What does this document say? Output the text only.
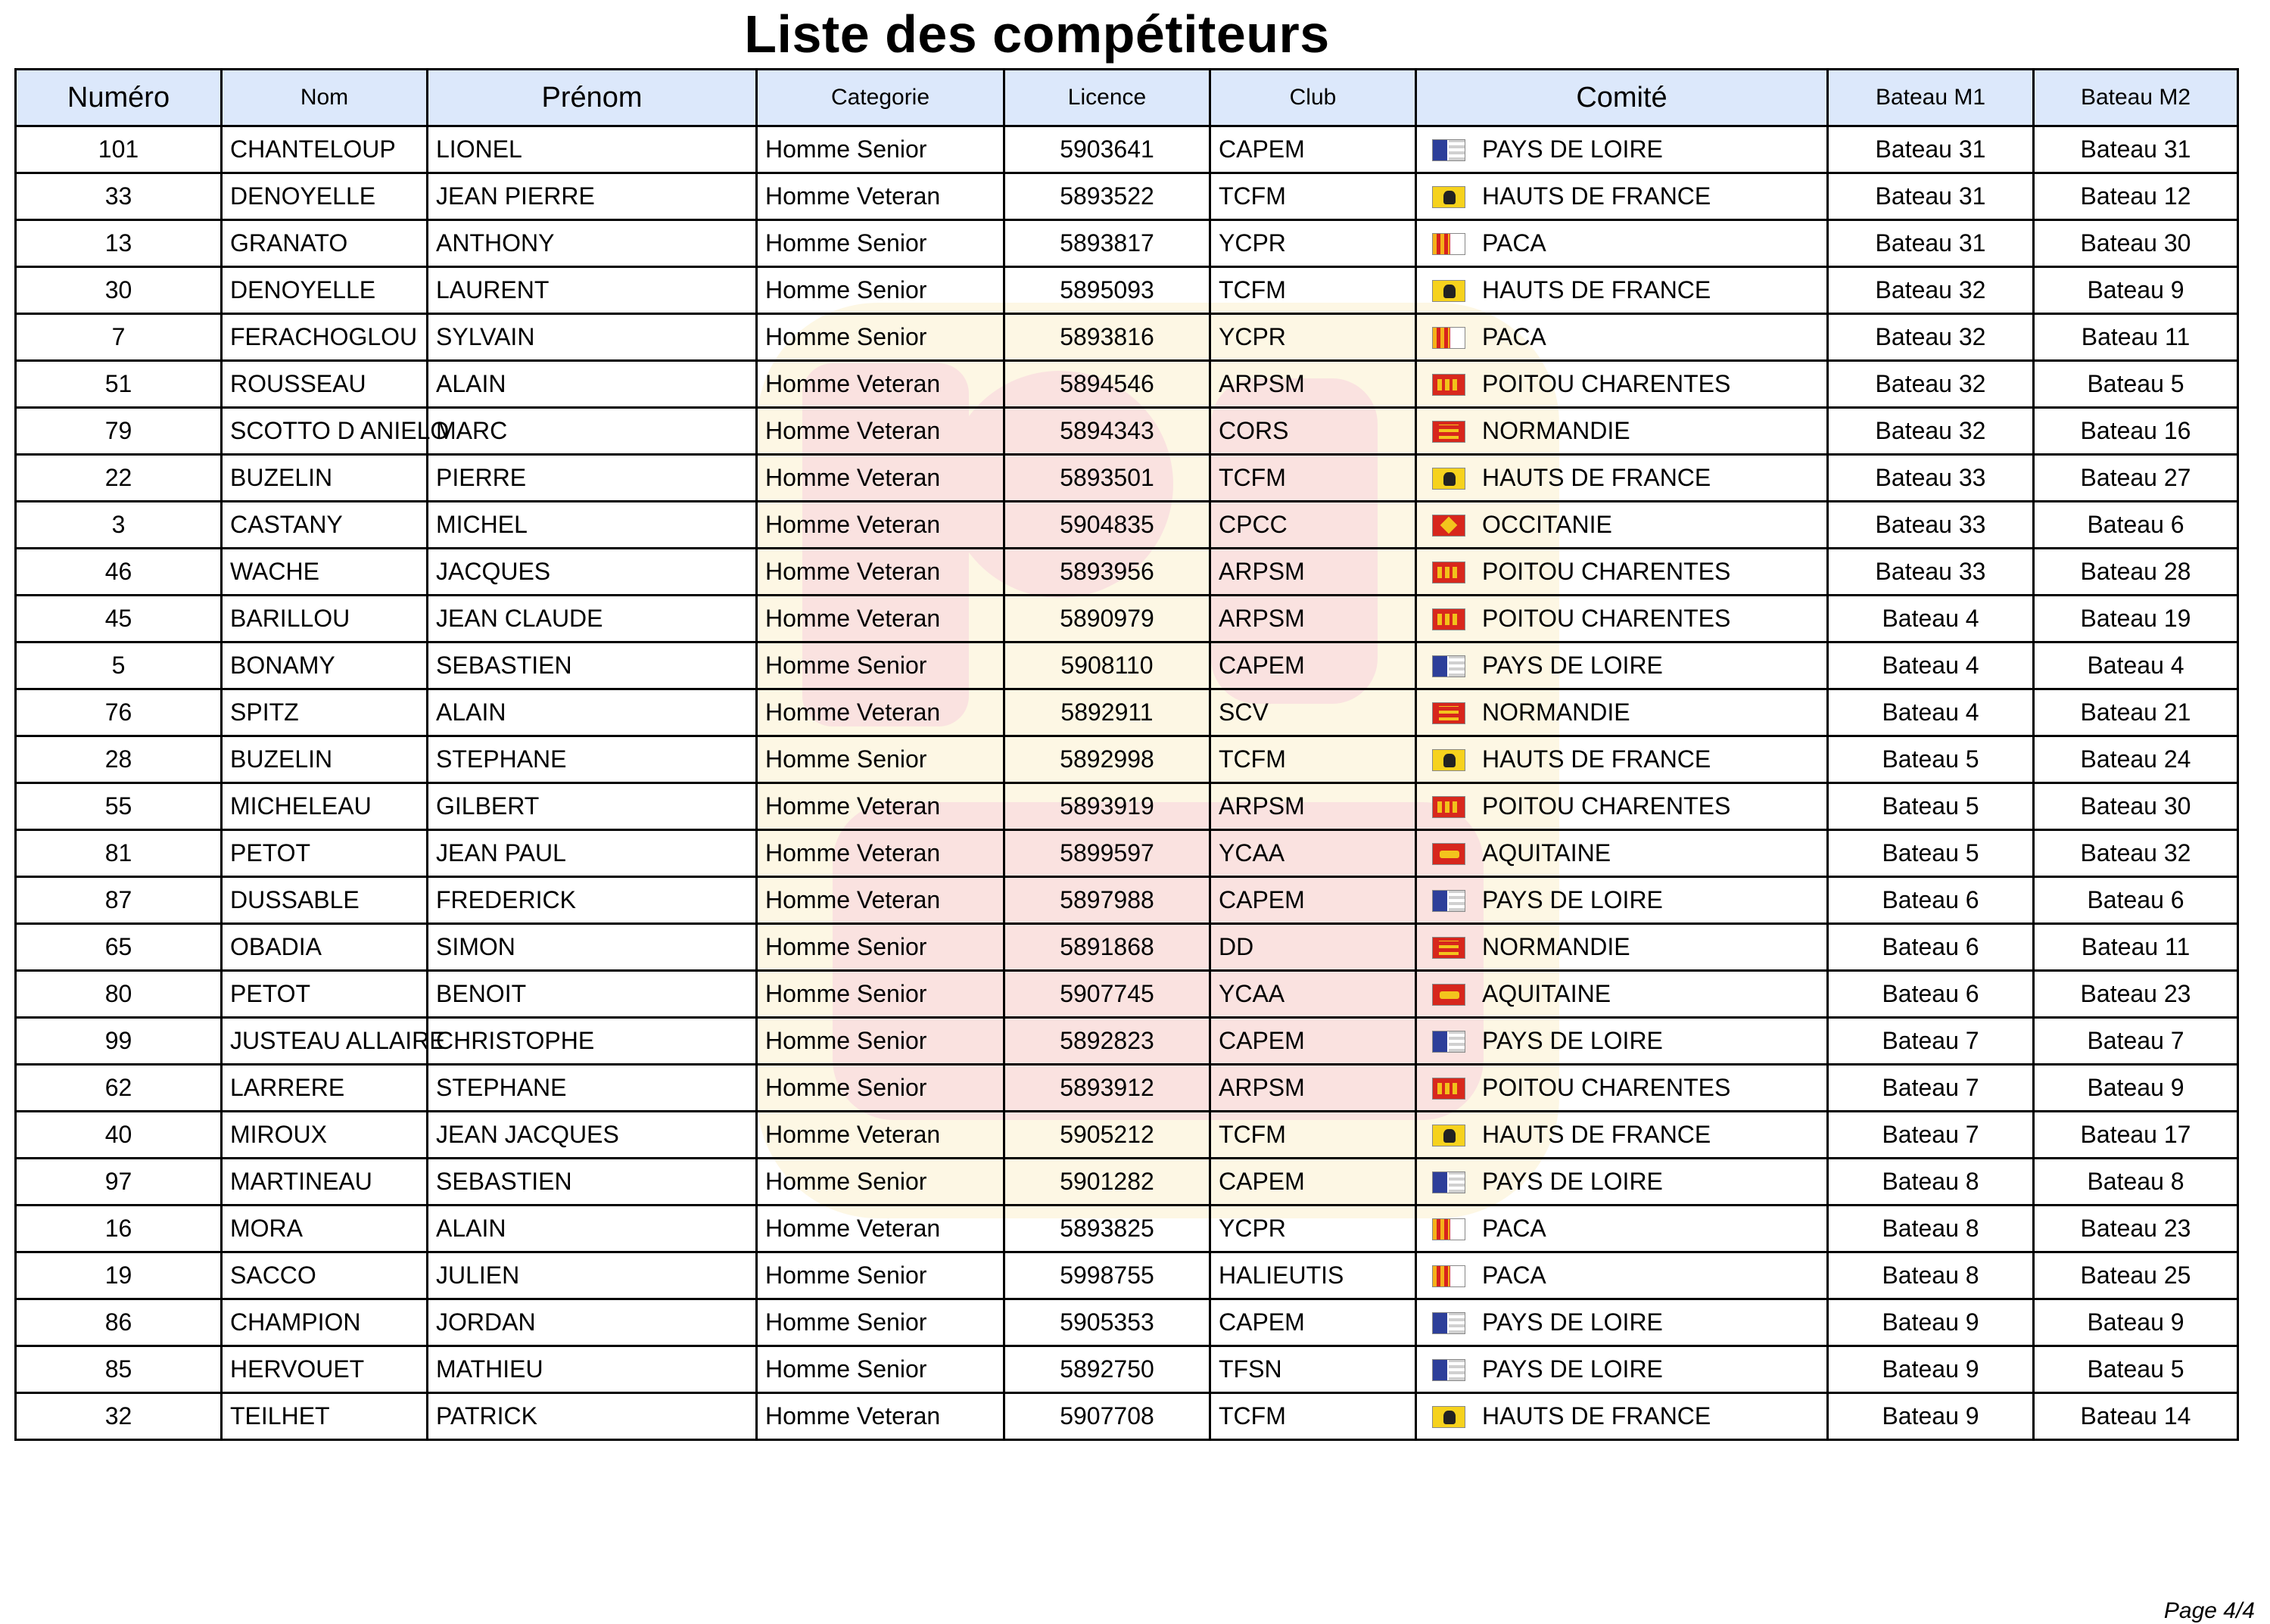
Liste des compétiteurs
Numéro	Nom	Prénom	Categorie	Licence	Club	Comité	Bateau M1	Bateau M2
101	CHANTELOUP	LIONEL	Homme Senior	5903641	CAPEM	PAYS DE LOIRE	Bateau 31	Bateau 31
33	DENOYELLE	JEAN PIERRE	Homme Veteran	5893522	TCFM	HAUTS DE FRANCE	Bateau 31	Bateau 12
13	GRANATO	ANTHONY	Homme Senior	5893817	YCPR	PACA	Bateau 31	Bateau 30
30	DENOYELLE	LAURENT	Homme Senior	5895093	TCFM	HAUTS DE FRANCE	Bateau 32	Bateau 9
7	FERACHOGLOU	SYLVAIN	Homme Senior	5893816	YCPR	PACA	Bateau 32	Bateau 11
51	ROUSSEAU	ALAIN	Homme Veteran	5894546	ARPSM	POITOU CHARENTES	Bateau 32	Bateau 5
79	SCOTTO D ANIELO	MARC	Homme Veteran	5894343	CORS	NORMANDIE	Bateau 32	Bateau 16
22	BUZELIN	PIERRE	Homme Veteran	5893501	TCFM	HAUTS DE FRANCE	Bateau 33	Bateau 27
3	CASTANY	MICHEL	Homme Veteran	5904835	CPCC	OCCITANIE	Bateau 33	Bateau 6
46	WACHE	JACQUES	Homme Veteran	5893956	ARPSM	POITOU CHARENTES	Bateau 33	Bateau 28
45	BARILLOU	JEAN CLAUDE	Homme Veteran	5890979	ARPSM	POITOU CHARENTES	Bateau 4	Bateau 19
5	BONAMY	SEBASTIEN	Homme Senior	5908110	CAPEM	PAYS DE LOIRE	Bateau 4	Bateau 4
76	SPITZ	ALAIN	Homme Veteran	5892911	SCV	NORMANDIE	Bateau 4	Bateau 21
28	BUZELIN	STEPHANE	Homme Senior	5892998	TCFM	HAUTS DE FRANCE	Bateau 5	Bateau 24
55	MICHELEAU	GILBERT	Homme Veteran	5893919	ARPSM	POITOU CHARENTES	Bateau 5	Bateau 30
81	PETOT	JEAN PAUL	Homme Veteran	5899597	YCAA	AQUITAINE	Bateau 5	Bateau 32
87	DUSSABLE	FREDERICK	Homme Veteran	5897988	CAPEM	PAYS DE LOIRE	Bateau 6	Bateau 6
65	OBADIA	SIMON	Homme Senior	5891868	DD	NORMANDIE	Bateau 6	Bateau 11
80	PETOT	BENOIT	Homme Senior	5907745	YCAA	AQUITAINE	Bateau 6	Bateau 23
99	JUSTEAU ALLAIRE	CHRISTOPHE	Homme Senior	5892823	CAPEM	PAYS DE LOIRE	Bateau 7	Bateau 7
62	LARRERE	STEPHANE	Homme Senior	5893912	ARPSM	POITOU CHARENTES	Bateau 7	Bateau 9
40	MIROUX	JEAN JACQUES	Homme Veteran	5905212	TCFM	HAUTS DE FRANCE	Bateau 7	Bateau 17
97	MARTINEAU	SEBASTIEN	Homme Senior	5901282	CAPEM	PAYS DE LOIRE	Bateau 8	Bateau 8
16	MORA	ALAIN	Homme Veteran	5893825	YCPR	PACA	Bateau 8	Bateau 23
19	SACCO	JULIEN	Homme Senior	5998755	HALIEUTIS	PACA	Bateau 8	Bateau 25
86	CHAMPION	JORDAN	Homme Senior	5905353	CAPEM	PAYS DE LOIRE	Bateau 9	Bateau 9
85	HERVOUET	MATHIEU	Homme Senior	5892750	TFSN	PAYS DE LOIRE	Bateau 9	Bateau 5
32	TEILHET	PATRICK	Homme Veteran	5907708	TCFM	HAUTS DE FRANCE	Bateau 9	Bateau 14
Page 4/4
